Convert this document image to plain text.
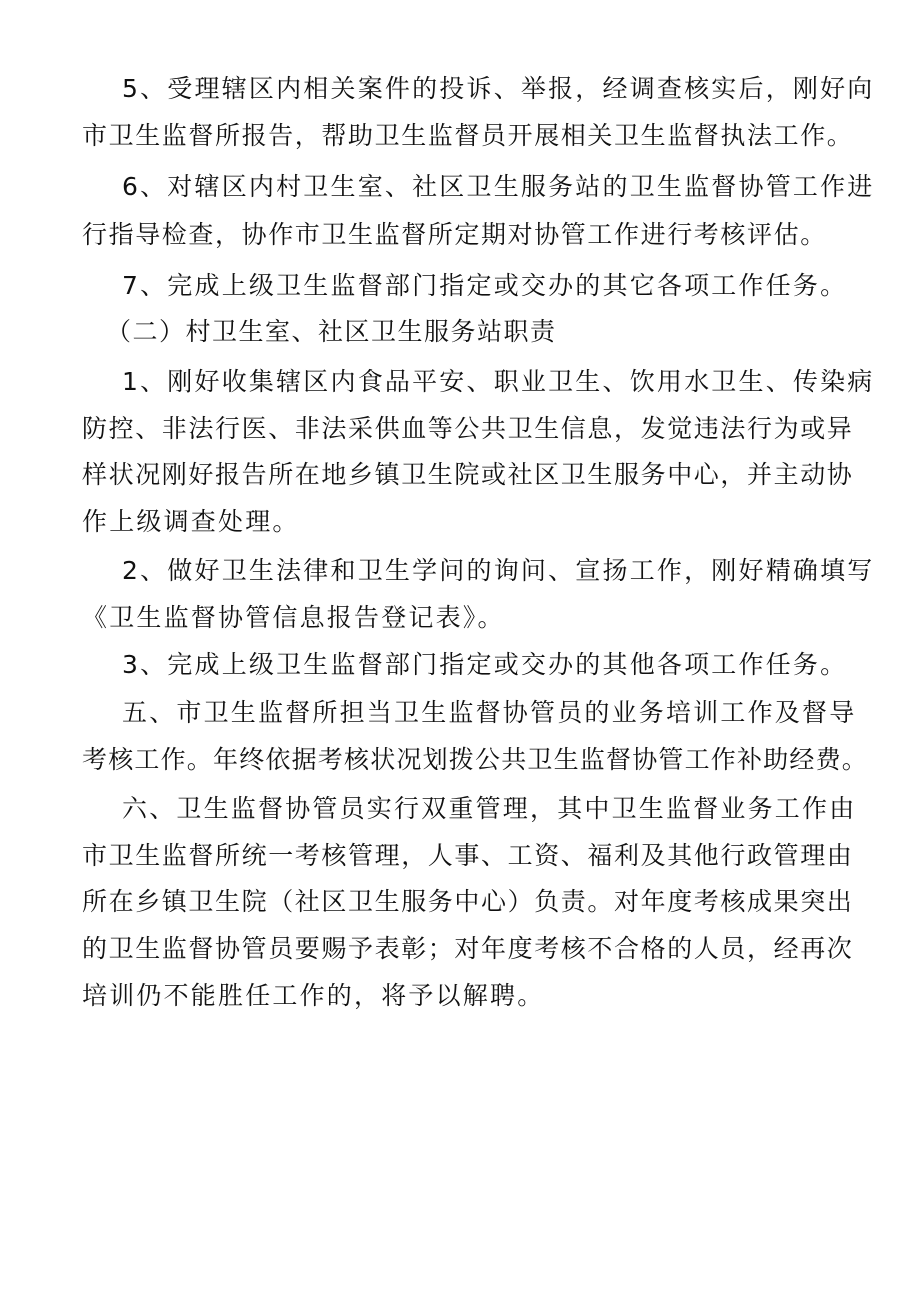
5、受理辖区内相关案件的投诉、举报，经调查核实后，刚好向
市卫生监督所报告，帮助卫生监督员开展相关卫生监督执法工作。
6、对辖区内村卫生室、社区卫生服务站的卫生监督协管工作进
行指导检查，协作市卫生监督所定期对协管工作进行考核评估。
7、完成上级卫生监督部门指定或交办的其它各项工作任务。
（二）村卫生室、社区卫生服务站职责
1、刚好收集辖区内食品平安、职业卫生、饮用水卫生、传染病
防控、非法行医、非法采供血等公共卫生信息，发觉违法行为或异
样状况刚好报告所在地乡镇卫生院或社区卫生服务中心，并主动协
作上级调查处理。
2、做好卫生法律和卫生学问的询问、宣扬工作，刚好精确填写
《卫生监督协管信息报告登记表》。
3、完成上级卫生监督部门指定或交办的其他各项工作任务。
五、市卫生监督所担当卫生监督协管员的业务培训工作及督导
考核工作。年终依据考核状况划拨公共卫生监督协管工作补助经费。
六、卫生监督协管员实行双重管理，其中卫生监督业务工作由
市卫生监督所统一考核管理，人事、工资、福利及其他行政管理由
所在乡镇卫生院（社区卫生服务中心）负责。对年度考核成果突出
的卫生监督协管员要赐予表彰；对年度考核不合格的人员，经再次
培训仍不能胜任工作的，将予以解聘。
